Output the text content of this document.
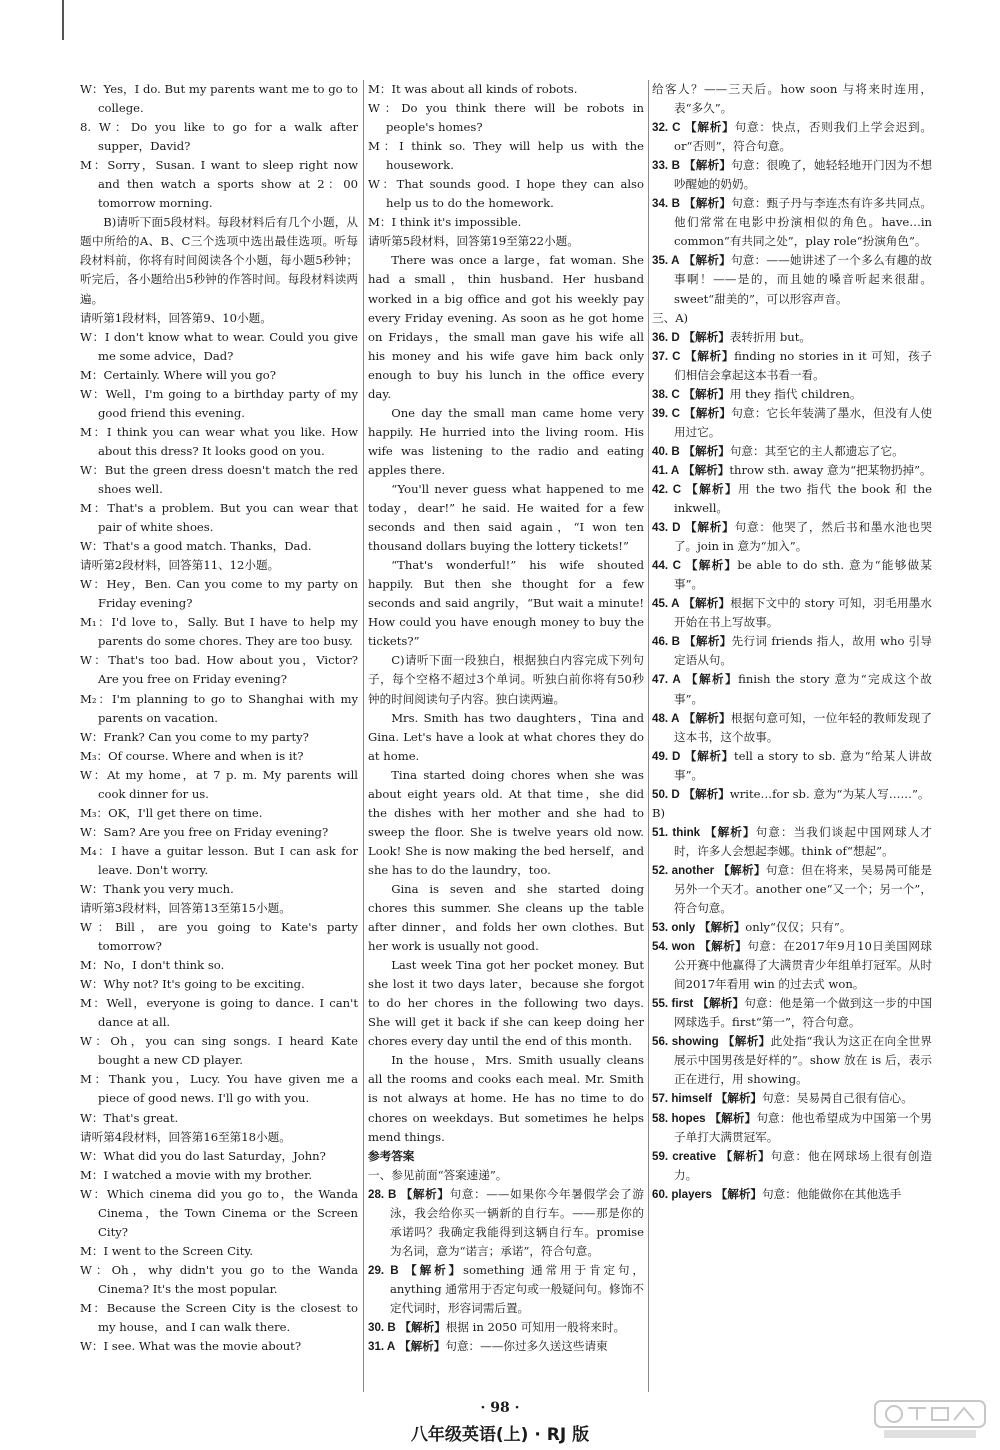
W：Yes，I do. But my parents want me to go to college.
8. W：Do you like to go for a walk after supper，David?
M：Sorry，Susan. I want to sleep right now and then watch a sports show at 2：00 tomorrow morning.
B)请听下面5段材料。每段材料后有几个小题，从题中所给的A、B、C三个选项中选出最佳选项。听每段材料前，你将有时间阅读各个小题，每小题5秒钟；听完后，各小题给出5秒钟的作答时间。每段材料读两遍。
请听第1段材料，回答第9、10小题。
W：I don't know what to wear. Could you give me some advice，Dad?
M：Certainly. Where will you go?
W：Well，I'm going to a birthday party of my good friend this evening.
M：I think you can wear what you like. How about this dress? It looks good on you.
W：But the green dress doesn't match the red shoes well.
M：That's a problem. But you can wear that pair of white shoes.
W：That's a good match. Thanks，Dad.
请听第2段材料，回答第11、12小题。
W：Hey，Ben. Can you come to my party on Friday evening?
M₁：I'd love to，Sally. But I have to help my parents do some chores. They are too busy.
W：That's too bad. How about you，Victor? Are you free on Friday evening?
M₂：I'm planning to go to Shanghai with my parents on vacation.
W：Frank? Can you come to my party?
M₃：Of course. Where and when is it?
W：At my home，at 7 p. m. My parents will cook dinner for us.
M₃：OK，I'll get there on time.
W：Sam? Are you free on Friday evening?
M₄：I have a guitar lesson. But I can ask for leave. Don't worry.
W：Thank you very much.
请听第3段材料，回答第13至第15小题。
W：Bill，are you going to Kate's party tomorrow?
M：No，I don't think so.
W：Why not? It's going to be exciting.
M：Well，everyone is going to dance. I can't dance at all.
W：Oh，you can sing songs. I heard Kate bought a new CD player.
M：Thank you，Lucy. You have given me a piece of good news. I'll go with you.
W：That's great.
请听第4段材料，回答第16至第18小题。
W：What did you do last Saturday，John?
M：I watched a movie with my brother.
W：Which cinema did you go to，the Wanda Cinema，the Town Cinema or the Screen City?
M：I went to the Screen City.
W：Oh，why didn't you go to the Wanda Cinema? It's the most popular.
M：Because the Screen City is the closest to my house，and I can walk there.
W：I see. What was the movie about?
M：It was about all kinds of robots.
W：Do you think there will be robots in people's homes?
M：I think so. They will help us with the housework.
W：That sounds good. I hope they can also help us to do the homework.
M：I think it's impossible.
请听第5段材料，回答第19至第22小题。
There was once a large，fat woman. She had a small，thin husband. Her husband worked in a big office and got his weekly pay every Friday evening. As soon as he got home on Fridays，the small man gave his wife all his money and his wife gave him back only enough to buy his lunch in the office every day.
One day the small man came home very happily. He hurried into the living room. His wife was listening to the radio and eating apples there.
“You'll never guess what happened to me today，dear!” he said. He waited for a few seconds and then said again，“I won ten thousand dollars buying the lottery tickets!”
“That's wonderful!” his wife shouted happily. But then she thought for a few seconds and said angrily，“But wait a minute! How could you have enough money to buy the tickets?”
C)请听下面一段独白，根据独白内容完成下列句子，每个空格不超过3个单词。听独白前你将有50秒钟的时间阅读句子内容。独白读两遍。
Mrs. Smith has two daughters，Tina and Gina. Let's have a look at what chores they do at home.
Tina started doing chores when she was about eight years old. At that time，she did the dishes with her mother and she had to sweep the floor. She is twelve years old now. Look! She is now making the bed herself，and she has to do the laundry，too.
Gina is seven and she started doing chores this summer. She cleans up the table after dinner，and folds her own clothes. But her work is usually not good.
Last week Tina got her pocket money. But she lost it two days later，because she forgot to do her chores in the following two days. She will get it back if she can keep doing her chores every day until the end of this month.
In the house，Mrs. Smith usually cleans all the rooms and cooks each meal. Mr. Smith is not always at home. He has no time to do chores on weekdays. But sometimes he helps mend things.
参考答案
一、参见前面“答案速递”。
28. B 【解析】句意：——如果你今年暑假学会了游泳，我会给你买一辆新的自行车。——那是你的承诺吗？我确定我能得到这辆自行车。promise 为名词，意为“诺言；承诺”，符合句意。
29. B 【解析】something 通常用于肯定句，anything 通常用于否定句或一般疑问句。修饰不定代词时，形容词需后置。
30. B 【解析】根据 in 2050 可知用一般将来时。
31. A 【解析】句意：——你过多久送这些请柬
给客人？——三天后。how soon 与将来时连用，表“多久”。
32. C 【解析】句意：快点，否则我们上学会迟到。or“否则”，符合句意。
33. B 【解析】句意：很晚了，她轻轻地开门因为不想吵醒她的奶奶。
34. B 【解析】句意：甄子丹与李连杰有许多共同点。他们常常在电影中扮演相似的角色。have…in common“有共同之处”，play role“扮演角色”。
35. A 【解析】句意：——她讲述了一个多么有趣的故事啊！——是的，而且她的嗓音听起来很甜。sweet“甜美的”，可以形容声音。
三、A)
36. D 【解析】表转折用 but。
37. C 【解析】finding no stories in it 可知，孩子们相信会拿起这本书看一看。
38. C 【解析】用 they 指代 children。
39. C 【解析】句意：它长年装满了墨水，但没有人使用过它。
40. B 【解析】句意：其至它的主人都遗忘了它。
41. A 【解析】throw sth. away 意为“把某物扔掉”。
42. C 【解析】用 the two 指代 the book 和 the inkwell。
43. D 【解析】句意：他哭了，然后书和墨水池也哭了。join in 意为“加入”。
44. C 【解析】be able to do sth. 意为“能够做某事”。
45. A 【解析】根据下文中的 story 可知，羽毛用墨水开始在书上写故事。
46. B 【解析】先行词 friends 指人，故用 who 引导定语从句。
47. A 【解析】finish the story 意为“完成这个故事”。
48. A 【解析】根据句意可知，一位年轻的教师发现了这本书，这个故事。
49. D 【解析】tell a story to sb. 意为“给某人讲故事”。
50. D 【解析】write…for sb. 意为“为某人写……”。
B)
51. think 【解析】句意：当我们谈起中国网球人才时，许多人会想起李娜。think of“想起”。
52. another 【解析】句意：但在将来，吴易昺可能是另外一个天才。another one“又一个；另一个”，符合句意。
53. only 【解析】only“仅仅；只有”。
54. won 【解析】句意：在2017年9月10日美国网球公开赛中他赢得了大满贯青少年组单打冠军。从时间2017年看用 win 的过去式 won。
55. first 【解析】句意：他是第一个做到这一步的中国网球选手。first“第一”，符合句意。
56. showing 【解析】此处指“我认为这正在向全世界展示中国男孩是好样的”。show 放在 is 后，表示正在进行，用 showing。
57. himself 【解析】句意：吴易昺自己很有信心。
58. hopes 【解析】句意：他也希望成为中国第一个男子单打大满贯冠军。
59. creative 【解析】句意：他在网球场上很有创造力。
60. players 【解析】句意：他能做你在其他选手
· 98 ·
八年级英语(上) · RJ 版
